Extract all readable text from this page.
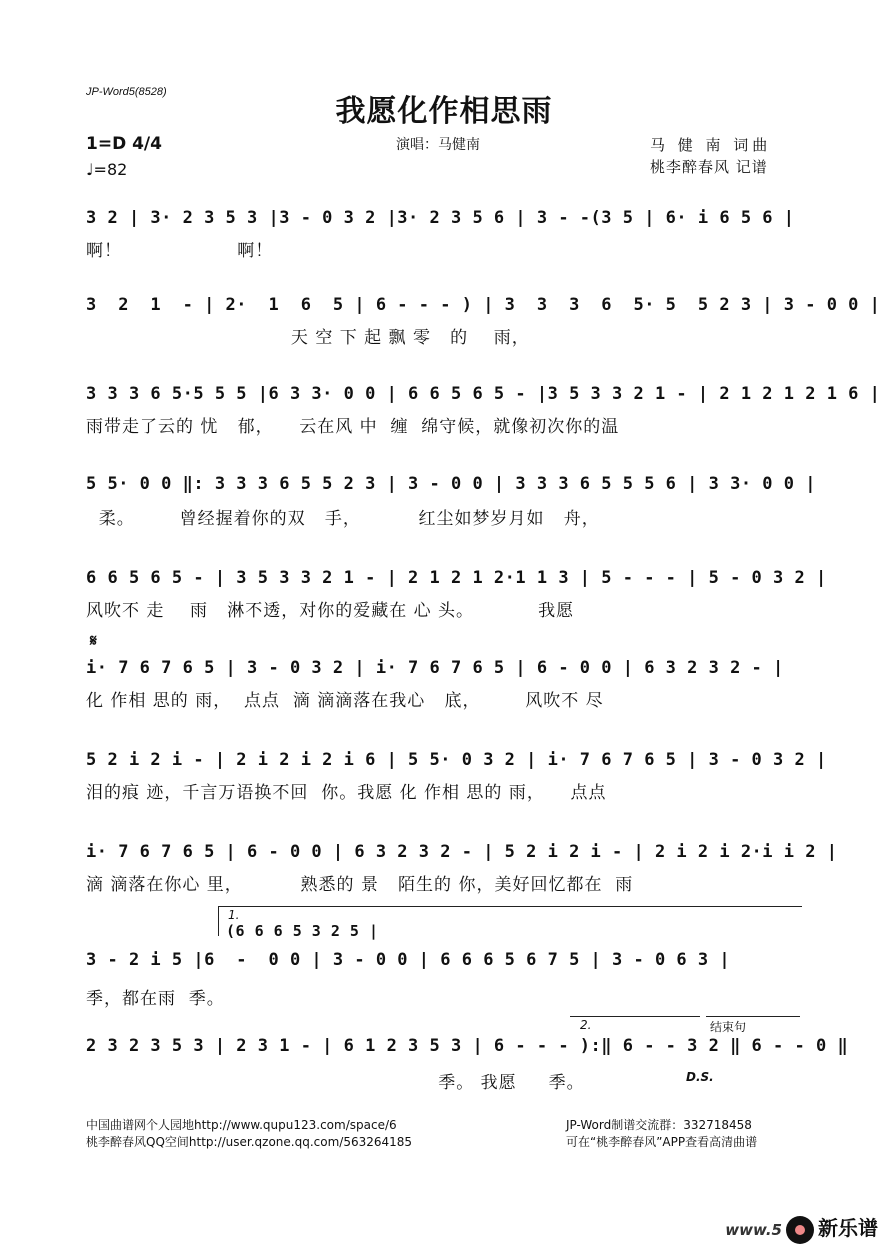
JP-Word5(8528)
我愿化作相思雨
1=D 4/4
♩=82
演唱：马健南	马 健 南 词曲
桃李醉春风 记谱
𝄋
1.
(6 6 6 5 3 2 5 |
2.	结束句
D.S.
3 2 | 3· 2 3 5 3 |3 - 0 3 2 |3· 2 3 5 6 | 3 - -(3 5 | 6· i 6 5 6 |
啊！                  啊！
3  2  1  - | 2·  1  6  5 | 6 - - - ) | 3  3  3  6  5· 5  5 2 3 | 3 - 0 0 |
天 空 下 起 飘 零   的    雨，
3 3 3 6 5·5 5 5 |6 3 3· 0 0 | 6 6 5 6 5 - |3 5 3 3 2 1 - | 2 1 2 1 2 1 6 |
雨带走了云的 忧   郁，    云在风 中  缠  绵守候，就像初次你的温
5 5· 0 0 ‖: 3 3 3 6 5 5 2 3 | 3 - 0 0 | 3 3 3 6 5 5 5 6 | 3 3· 0 0 |
柔。       曾经握着你的双   手，         红尘如梦岁月如   舟，
6 6 5 6 5 - | 3 5 3 3 2 1 - | 2 1 2 1 2·1 1 3 | 5 - - - | 5 - 0 3 2 |
风吹不 走    雨   淋不透，对你的爱藏在 心 头。          我愿
i· 7 6 7 6 5 | 3 - 0 3 2 | i· 7 6 7 6 5 | 6 - 0 0 | 6 3 2 3 2 - |
化 作相 思的 雨，  点点  滴 滴滴落在我心   底，       风吹不 尽
5 2 i 2 i - | 2 i 2 i 2 i 6 | 5 5· 0 3 2 | i· 7 6 7 6 5 | 3 - 0 3 2 |
泪的痕 迹，千言万语换不回  你。我愿 化 作相 思的 雨，    点点
i· 7 6 7 6 5 | 6 - 0 0 | 6 3 2 3 2 - | 5 2 i 2 i - | 2 i 2 i 2·i i 2 |
滴 滴落在你心 里，         熟悉的 景   陌生的 你，美好回忆都在  雨
3 - 2 i 5 |6  -  0 0 | 3 - 0 0 | 6 6 6 5 6 7 5 | 3 - 0 6 3 |
季，都在雨  季。
2 3 2 3 5 3 | 2 3 1 - | 6 1 2 3 5 3 | 6 - - - ):‖ 6 - - 3 2 ‖ 6 - - 0 ‖
季。 我愿     季。
中国曲谱网个人园地http://www.qupu123.com/space/6
桃李醉春风QQ空间http://user.qzone.qq.com/563264185
JP-Word制谱交流群：332718458
可在“桃李醉春风”APP查看高清曲谱
www.5 新乐谱
